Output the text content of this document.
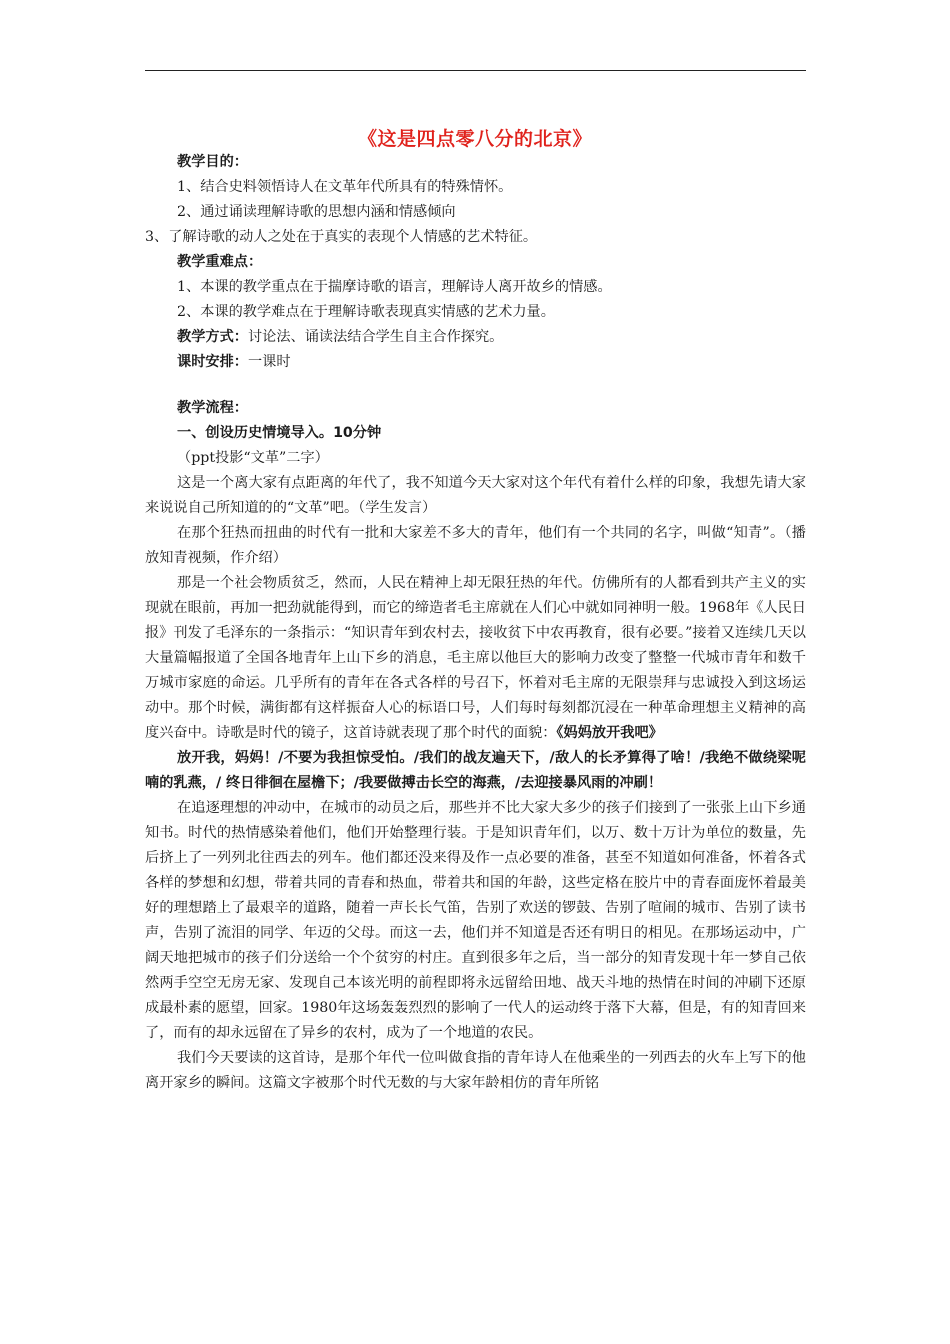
《这是四点零八分的北京》

教学目的：

1、结合史料领悟诗人在文革年代所具有的特殊情怀。

2、通过诵读理解诗歌的思想内涵和情感倾向

3、了解诗歌的动人之处在于真实的表现个人情感的艺术特征。

教学重难点：

1、本课的教学重点在于揣摩诗歌的语言，理解诗人离开故乡的情感。

2、本课的教学难点在于理解诗歌表现真实情感的艺术力量。

教学方式：讨论法、诵读法结合学生自主合作探究。

课时安排：一课时

教学流程：

一、创设历史情境导入。10分钟

（ppt投影“文革”二字）

这是一个离大家有点距离的年代了，我不知道今天大家对这个年代有着什么样的印象，我想先请大家来说说自己所知道的的“文革”吧。（学生发言）

在那个狂热而扭曲的时代有一批和大家差不多大的青年，他们有一个共同的名字，叫做“知青”。（播放知青视频，作介绍）

那是一个社会物质贫乏，然而，人民在精神上却无限狂热的年代。仿佛所有的人都看到共产主义的实现就在眼前，再加一把劲就能得到，而它的缔造者毛主席就在人们心中就如同神明一般。1968年《人民日报》刊发了毛泽东的一条指示：“知识青年到农村去，接收贫下中农再教育，很有必要。”接着又连续几天以大量篇幅报道了全国各地青年上山下乡的消息，毛主席以他巨大的影响力改变了整整一代城市青年和数千万城市家庭的命运。几乎所有的青年在各式各样的号召下，怀着对毛主席的无限崇拜与忠诚投入到这场运动中。那个时候，满街都有这样振奋人心的标语口号，人们每时每刻都沉浸在一种革命理想主义精神的高度兴奋中。诗歌是时代的镜子，这首诗就表现了那个时代的面貌：《妈妈放开我吧》

放开我，妈妈！/不要为我担惊受怕。/我们的战友遍天下，/敌人的长矛算得了啥！/我绝不做绕梁呢喃的乳燕，/ 终日徘徊在屋檐下；/我要做搏击长空的海燕，/去迎接暴风雨的冲刷！

在追逐理想的冲动中，在城市的动员之后，那些并不比大家大多少的孩子们接到了一张张上山下乡通知书。时代的热情感染着他们，他们开始整理行装。于是知识青年们，以万、数十万计为单位的数量，先后挤上了一列列北往西去的列车。他们都还没来得及作一点必要的准备，甚至不知道如何准备，怀着各式各样的梦想和幻想，带着共同的青春和热血，带着共和国的年龄，这些定格在胶片中的青春面庞怀着最美好的理想踏上了最艰辛的道路，随着一声长长气笛，告别了欢送的锣鼓、告别了喧闹的城市、告别了读书声，告别了流泪的同学、年迈的父母。而这一去，他们并不知道是否还有明日的相见。在那场运动中，广阔天地把城市的孩子们分送给一个个贫穷的村庄。直到很多年之后，当一部分的知青发现十年一梦自己依然两手空空无房无家、发现自己本该光明的前程即将永远留给田地、战天斗地的热情在时间的冲刷下还原成最朴素的愿望，回家。1980年这场轰轰烈烈的影响了一代人的运动终于落下大幕，但是，有的知青回来了，而有的却永远留在了异乡的农村，成为了一个地道的农民。

我们今天要读的这首诗，是那个年代一位叫做食指的青年诗人在他乘坐的一列西去的火车上写下的他离开家乡的瞬间。这篇文字被那个时代无数的与大家年龄相仿的青年所铭
